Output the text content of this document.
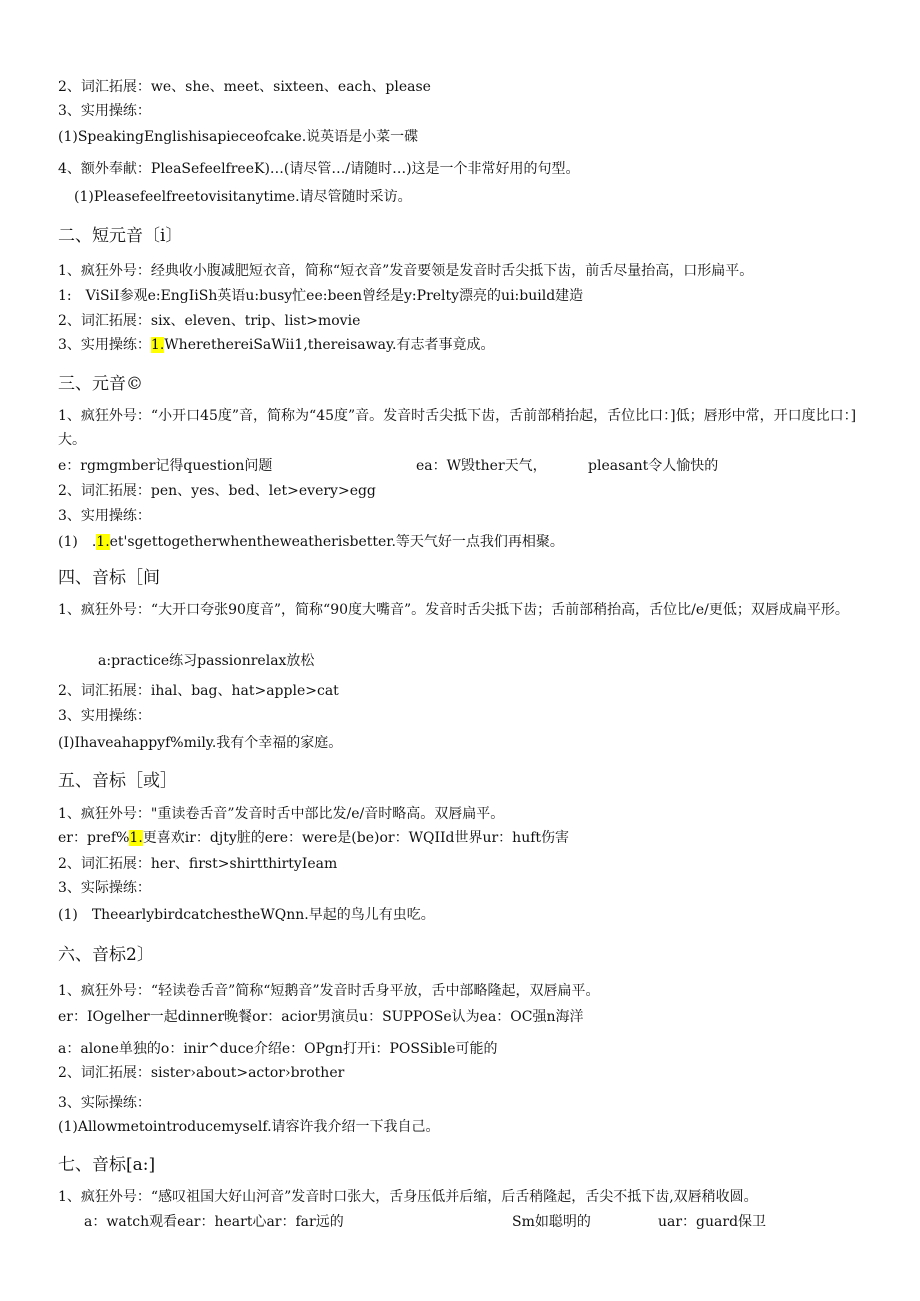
2、词汇拓展：we、she、meet、sixteen、each、please
3、实用操练：
(1)SpeakingEnglishisapieceofcake.说英语是小菜一碟
4、额外奉献：PleaSefeelfreeK)…(请尽管…/请随时…)这是一个非常好用的句型。
(1)Pleasefeelfreetovisitanytime.请尽管随时采访。
二、短元音〔i〕
1、疯狂外号：经典收小腹减肥短衣音，简称“短衣音”发音要领是发音时舌尖抵下齿，前舌尽量抬高，口形扁平。
1:　ViSiI参观e:EngIiSh英语u:busy忙ee:been曾经是y:Prelty漂亮的ui:build建造
2、词汇拓展：six、eleven、trip、list>movie
3、实用操练：1.WherethereiSaWii1,thereisaway.有志者事竟成。
三、元音©
1、疯狂外号：“小开口45度”音，简称为“45度”音。发音时舌尖抵下齿，舌前部稍抬起，舌位比口：]低；唇形中常，开口度比口：]大。
e：rgmgmber记得question问题	ea：W毁ther天气，	pleasant令人愉快的
2、词汇拓展：pen、yes、bed、let>every>egg
3、实用操练：
(1)　.1.et'sgettogetherwhentheweatherisbetter.等天气好一点我们再相聚。
四、音标［间
1、疯狂外号：“大开口夸张90度音”，简称“90度大嘴音”。发音时舌尖抵下齿；舌前部稍抬高，舌位比/e/更低；双唇成扁平形。
a:practice练习passionrelax放松
2、词汇拓展：ihal、bag、hat>apple>cat
3、实用操练：
(I)Ihaveahappyf%mily.我有个幸福的家庭。
五、音标［或］
1、疯狂外号："重读卷舌音”发音时舌中部比发/e/音时略高。双唇扁平。
er：pref%1.更喜欢ir：djty脏的ere：were是(be)or：WQIId世界ur：huft伤害
2、词汇拓展：her、first>shirtthirtyIeam
3、实际操练：
(1)　TheearlybirdcatchestheWQnn.早起的鸟儿有虫吃。
六、音标2〕
1、疯狂外号：“轻读卷舌音”简称“短鹅音”发音时舌身平放，舌中部略隆起，双唇扁平。
er：IOgelher一起dinner晚餐or：acior男演员u：SUPPOSe认为ea：OC强n海洋
a：alone单独的o：inir^duce介绍e：OPgn打开i：POSSible可能的
2、词汇拓展：sister›about>actor›brother
3、实际操练：
(1)Allowmetointroducemyself.请容许我介绍一下我自己。
七、音标[a:]
1、疯狂外号：“感叹祖国大好山河音”发音时口张大，舌身压低并后缩，后舌稍隆起，舌尖不抵下齿,双唇稍收圆。
a：watch观看ear：heart心ar：far远的	Sm如聪明的	uar：guard保卫
